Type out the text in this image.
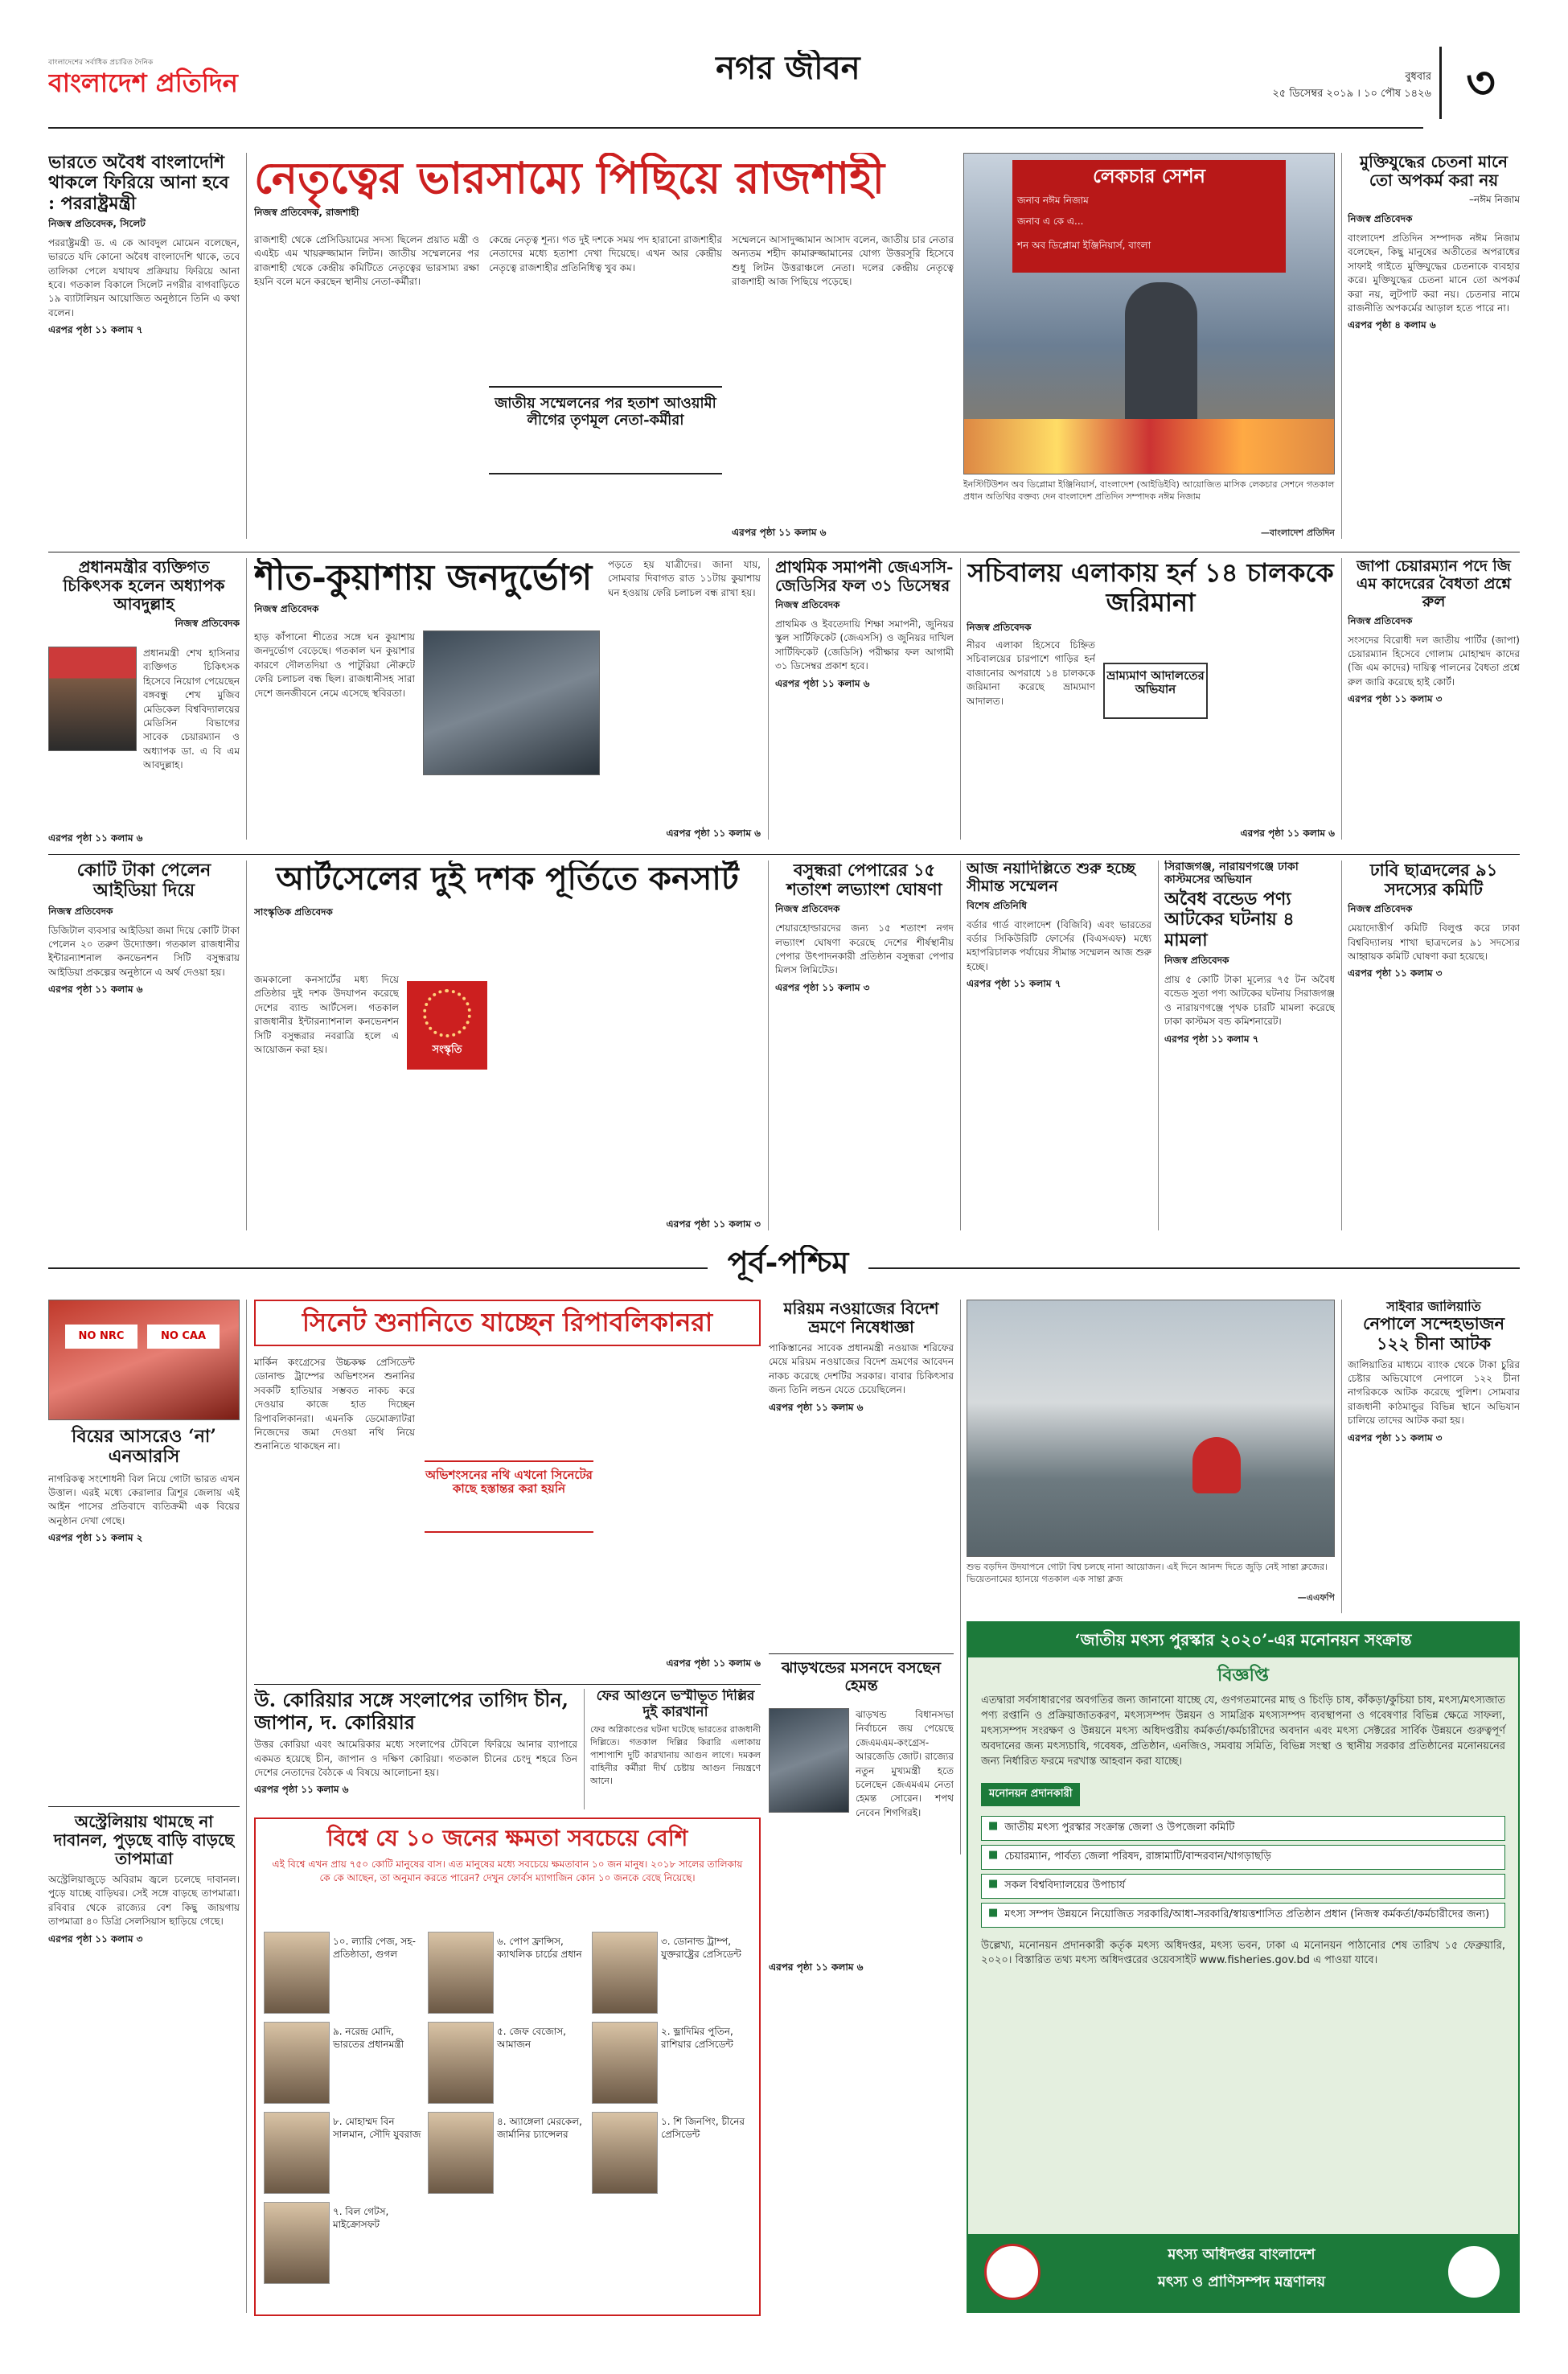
বাংলাদেশের সর্বাধিক প্রচারিত দৈনিক
বাংলাদেশ প্রতিদিন	নগর জীবন	বুধবার
২৫ ডিসেম্বর ২০১৯ । ১০ পৌষ ১৪২৬ ৩
ভারতে অবৈধ বাংলাদেশি থাকলে ফিরিয়ে আনা হবে : পররাষ্ট্রমন্ত্রী
নিজস্ব প্রতিবেদক, সিলেট
পররাষ্ট্রমন্ত্রী ড. এ কে আবদুল মোমেন বলেছেন, ভারতে যদি কোনো অবৈধ বাংলাদেশি থাকে, তবে তালিকা পেলে যথাযথ প্রক্রিয়ায় ফিরিয়ে আনা হবে। গতকাল বিকালে সিলেট নগরীর বাগবাড়িতে ১৯ ব্যাটালিয়ন আয়োজিত অনুষ্ঠানে তিনি এ কথা বলেন।
এরপর পৃষ্ঠা ১১ কলাম ৭
নেতৃত্বের ভারসাম্যে পিছিয়ে রাজশাহী
নিজস্ব প্রতিবেদক, রাজশাহী
রাজশাহী থেকে প্রেসিডিয়ামের সদস্য ছিলেন প্রয়াত মন্ত্রী ও এএইচ এম খায়রুজ্জামান লিটন। জাতীয় সম্মেলনের পর রাজশাহী থেকে কেন্দ্রীয় কমিটিতে নেতৃত্বের ভারসাম্য রক্ষা হয়নি বলে মনে করছেন স্থানীয় নেতা-কর্মীরা।
জাতীয় সম্মেলনের পর হতাশ আওয়ামী লীগের তৃণমূল নেতা-কর্মীরা
কেন্দ্রে নেতৃত্ব শূন্য। গত দুই দশকে সময় পদ হারানো রাজশাহীর নেতাদের মধ্যে হতাশা দেখা দিয়েছে। এখন আর কেন্দ্রীয় নেতৃত্বে রাজশাহীর প্রতিনিধিত্ব খুব কম।
সম্মেলনে আসাদুজ্জামান আসাদ বলেন, জাতীয় চার নেতার অন্যতম শহীদ কামারুজ্জামানের যোগ্য উত্তরসূরি হিসেবে শুধু লিটন উত্তরাঞ্চলে নেতা। দলের কেন্দ্রীয় নেতৃত্বে রাজশাহী আজ পিছিয়ে পড়েছে।
এরপর পৃষ্ঠা ১১ কলাম ৬
লেকচার সেশন
জনাব নঈম নিজাম
জনাব এ কে এ...
শন অব ডিপ্লোমা ইঞ্জিনিয়ার্স, বাংলা
ইনস্টিটিউশন অব ডিপ্লোমা ইঞ্জিনিয়ার্স, বাংলাদেশ (আইডিইবি) আয়োজিত মাসিক লেকচার সেশনে গতকাল প্রধান অতিথির বক্তব্য দেন বাংলাদেশ প্রতিদিন সম্পাদক নঈম নিজাম
—বাংলাদেশ প্রতিদিন
মুক্তিযুদ্ধের চেতনা মানে তো অপকর্ম করা নয়
–নঈম নিজাম
নিজস্ব প্রতিবেদক
বাংলাদেশ প্রতিদিন সম্পাদক নঈম নিজাম বলেছেন, কিছু মানুষের অতীতের অপরাধের সাফাই গাইতে মুক্তিযুদ্ধের চেতনাকে ব্যবহার করে। মুক্তিযুদ্ধের চেতনা মানে তো অপকর্ম করা নয়, লুটপাট করা নয়। চেতনার নামে রাজনীতি অপকর্মের আড়াল হতে পারে না।
এরপর পৃষ্ঠা ৪ কলাম ৬
প্রধানমন্ত্রীর ব্যক্তিগত চিকিৎসক হলেন অধ্যাপক আবদুল্লাহ
নিজস্ব প্রতিবেদক
প্রধানমন্ত্রী শেখ হাসিনার ব্যক্তিগত চিকিৎসক হিসেবে নিয়োগ পেয়েছেন বঙ্গবন্ধু শেখ মুজিব মেডিকেল বিশ্ববিদ্যালয়ের মেডিসিন বিভাগের সাবেক চেয়ারম্যান ও অধ্যাপক ডা. এ বি এম আবদুল্লাহ।
এরপর পৃষ্ঠা ১১ কলাম ৬
শীত-কুয়াশায় জনদুর্ভোগ
নিজস্ব প্রতিবেদক
হাড় কাঁপানো শীতের সঙ্গে ঘন কুয়াশায় জনদুর্ভোগ বেড়েছে। গতকাল ঘন কুয়াশার কারণে দৌলতদিয়া ও পাটুরিয়া নৌরুটে ফেরি চলাচল বন্ধ ছিল। রাজধানীসহ সারা দেশে জনজীবনে নেমে এসেছে স্থবিরতা।
পড়তে হয় যাত্রীদের। জানা যায়, সোমবার দিবাগত রাত ১১টায় কুয়াশায় ঘন হওয়ায় ফেরি চলাচল বন্ধ রাখা হয়।
এরপর পৃষ্ঠা ১১ কলাম ৬
প্রাথমিক সমাপনী জেএসসি-জেডিসির ফল ৩১ ডিসেম্বর
নিজস্ব প্রতিবেদক
প্রাথমিক ও ইবতেদায়ি শিক্ষা সমাপনী, জুনিয়র স্কুল সার্টিফিকেট (জেএসসি) ও জুনিয়র দাখিল সার্টিফিকেট (জেডিসি) পরীক্ষার ফল আগামী ৩১ ডিসেম্বর প্রকাশ হবে।
এরপর পৃষ্ঠা ১১ কলাম ৬
সচিবালয় এলাকায় হর্ন ১৪ চালককে জরিমানা
নিজস্ব প্রতিবেদক
ভ্রাম্যমাণ আদালতের অভিযান
নীরব এলাকা হিসেবে চিহ্নিত সচিবালয়ের চারপাশে গাড়ির হর্ন বাজানোর অপরাধে ১৪ চালককে জরিমানা করেছে ভ্রাম্যমাণ আদালত।
এরপর পৃষ্ঠা ১১ কলাম ৬
জাপা চেয়ারম্যান পদে জি এম কাদেরের বৈধতা প্রশ্নে রুল
নিজস্ব প্রতিবেদক
সংসদের বিরোধী দল জাতীয় পার্টির (জাপা) চেয়ারম্যান হিসেবে গোলাম মোহাম্মদ কাদের (জি এম কাদের) দায়িত্ব পালনের বৈধতা প্রশ্নে রুল জারি করেছে হাই কোর্ট।
এরপর পৃষ্ঠা ১১ কলাম ৩
কোটি টাকা পেলেন আইডিয়া দিয়ে
নিজস্ব প্রতিবেদক
ডিজিটাল ব্যবসার আইডিয়া জমা দিয়ে কোটি টাকা পেলেন ২০ তরুণ উদ্যোক্তা। গতকাল রাজধানীর ইন্টারন্যাশনাল কনভেনশন সিটি বসুন্ধরায় আইডিয়া প্রকল্পের অনুষ্ঠানে এ অর্থ দেওয়া হয়।
এরপর পৃষ্ঠা ১১ কলাম ৬
আর্টসেলের দুই দশক পূর্তিতে কনসার্ট
সাংস্কৃতিক প্রতিবেদক
জমকালো কনসার্টের মধ্য দিয়ে প্রতিষ্ঠার দুই দশক উদযাপন করেছে দেশের ব্যান্ড আর্টসেল। গতকাল রাজধানীর ইন্টারন্যাশনাল কনভেনশন সিটি বসুন্ধরার নবরাত্রি হলে এ আয়োজন করা হয়।	সংস্কৃতি
এরপর পৃষ্ঠা ১১ কলাম ৩
বসুন্ধরা পেপারের ১৫ শতাংশ লভ্যাংশ ঘোষণা
নিজস্ব প্রতিবেদক
শেয়ারহোল্ডারদের জন্য ১৫ শতাংশ নগদ লভ্যাংশ ঘোষণা করেছে দেশের শীর্ষস্থানীয় পেপার উৎপাদনকারী প্রতিষ্ঠান বসুন্ধরা পেপার মিলস লিমিটেড।
এরপর পৃষ্ঠা ১১ কলাম ৩
আজ নয়াদিল্লিতে শুরু হচ্ছে সীমান্ত সম্মেলন
বিশেষ প্রতিনিধি
বর্ডার গার্ড বাংলাদেশ (বিজিবি) এবং ভারতের বর্ডার সিকিউরিটি ফোর্সের (বিএসএফ) মধ্যে মহাপরিচালক পর্যায়ের সীমান্ত সম্মেলন আজ শুরু হচ্ছে।
এরপর পৃষ্ঠা ১১ কলাম ৭
সিরাজগঞ্জ, নারায়ণগঞ্জে ঢাকা কাস্টমসের অভিযান
অবৈধ বন্ডেড পণ্য আটকের ঘটনায় ৪ মামলা
নিজস্ব প্রতিবেদক
প্রায় ৫ কোটি টাকা মূল্যের ৭৫ টন অবৈধ বন্ডেড সুতা পণ্য আটকের ঘটনায় সিরাজগঞ্জ ও নারায়ণগঞ্জে পৃথক চারটি মামলা করেছে ঢাকা কাস্টমস বন্ড কমিশনারেট।
এরপর পৃষ্ঠা ১১ কলাম ৭
ঢাবি ছাত্রদলের ৯১ সদস্যের কমিটি
নিজস্ব প্রতিবেদক
মেয়াদোত্তীর্ণ কমিটি বিলুপ্ত করে ঢাকা বিশ্ববিদ্যালয় শাখা ছাত্রদলের ৯১ সদস্যের আহ্বায়ক কমিটি ঘোষণা করা হয়েছে।
এরপর পৃষ্ঠা ১১ কলাম ৩
পূর্ব-পশ্চিম
NO NRC	NO CAA
বিয়ের আসরেও ‘না’ এনআরসি
নাগরিকত্ব সংশোধনী বিল নিয়ে গোটা ভারত এখন উত্তাল। এরই মধ্যে কেরালার ত্রিশূর জেলায় এই আইন পাসের প্রতিবাদে ব্যতিক্রমী এক বিয়ের অনুষ্ঠান দেখা গেছে।
এরপর পৃষ্ঠা ১১ কলাম ২
অস্ট্রেলিয়ায় থামছে না দাবানল, পুড়ছে বাড়ি বাড়ছে তাপমাত্রা
অস্ট্রেলিয়াজুড়ে অবিরাম জ্বলে চলেছে দাবানল। পুড়ে যাচ্ছে বাড়িঘর। সেই সঙ্গে বাড়ছে তাপমাত্রা। রবিবার থেকে রাজ্যের বেশ কিছু জায়গায় তাপমাত্রা ৪০ ডিগ্রি সেলসিয়াস ছাড়িয়ে গেছে।
এরপর পৃষ্ঠা ১১ কলাম ৩
সিনেট শুনানিতে যাচ্ছেন রিপাবলিকানরা
মার্কিন কংগ্রেসের উচ্চকক্ষ প্রেসিডেন্ট ডোনাল্ড ট্রাম্পের অভিশংসন শুনানির সবকটি হাতিয়ার সম্ভবত নাকচ করে দেওয়ার কাজে হাত দিচ্ছেন রিপাবলিকানরা। এমনকি ডেমোক্র্যাটরা নিজেদের জমা দেওয়া নথি নিয়ে শুনানিতে থাকছেন না।
অভিশংসনের নথি এখনো সিনেটের কাছে হস্তান্তর করা হয়নি
এরপর পৃষ্ঠা ১১ কলাম ৬
উ. কোরিয়ার সঙ্গে সংলাপের তাগিদ চীন, জাপান, দ. কোরিয়ার
উত্তর কোরিয়া এবং আমেরিকার মধ্যে সংলাপের টেবিলে ফিরিয়ে আনার ব্যাপারে একমত হয়েছে চীন, জাপান ও দক্ষিণ কোরিয়া। গতকাল চীনের চেংদু শহরে তিন দেশের নেতাদের বৈঠকে এ বিষয়ে আলোচনা হয়।
এরপর পৃষ্ঠা ১১ কলাম ৬
ফের আগুনে ভস্মীভূত দিল্লির দুই কারখানা
ফের অগ্নিকাণ্ডের ঘটনা ঘটেছে ভারতের রাজধানী দিল্লিতে। গতকাল দিল্লির কিরারি এলাকায় পাশাপাশি দুটি কারখানায় আগুন লাগে। দমকল বাহিনীর কর্মীরা দীর্ঘ চেষ্টায় আগুন নিয়ন্ত্রণে আনে।
বিশ্বে যে ১০ জনের ক্ষমতা সবচেয়ে বেশি
এই বিশ্বে এখন প্রায় ৭৫০ কোটি মানুষের বাস। এত মানুষের মধ্যে সবচেয়ে ক্ষমতাবান ১০ জন মানুষ। ২০১৮ সালের তালিকায় কে কে আছেন, তা অনুমান করতে পারেন? দেখুন ফোর্বস ম্যাগাজিন কোন ১০ জনকে বেছে নিয়েছে।
১০. ল্যারি পেজ, সহ-প্রতিষ্ঠাতা, গুগল
৯. নরেন্দ্র মোদি, ভারতের প্রধানমন্ত্রী
৮. মোহাম্মদ বিন সালমান, সৌদি যুবরাজ
৭. বিল গেটস, মাইক্রোসফট
৬. পোপ ফ্রান্সিস, ক্যাথলিক চার্চের প্রধান
৫. জেফ বেজোস, আমাজন
৪. অ্যাঙ্গেলা মেরকেল, জার্মানির চ্যান্সেলর
৩. ডোনাল্ড ট্রাম্প, যুক্তরাষ্ট্রের প্রেসিডেন্ট
২. ভ্লাদিমির পুতিন, রাশিয়ার প্রেসিডেন্ট
১. শি জিনপিং, চীনের প্রেসিডেন্ট
মরিয়ম নওয়াজের বিদেশ ভ্রমণে নিষেধাজ্ঞা
পাকিস্তানের সাবেক প্রধানমন্ত্রী নওয়াজ শরিফের মেয়ে মরিয়ম নওয়াজের বিদেশ ভ্রমণের আবেদন নাকচ করেছে দেশটির সরকার। বাবার চিকিৎসার জন্য তিনি লন্ডন যেতে চেয়েছিলেন।
এরপর পৃষ্ঠা ১১ কলাম ৬
ঝাড়খন্ডের মসনদে বসছেন হেমন্ত
ঝাড়খন্ড বিধানসভা নির্বাচনে জয় পেয়েছে জেএমএম-কংগ্রেস-আরজেডি জোট। রাজ্যের নতুন মুখ্যমন্ত্রী হতে চলেছেন জেএমএম নেতা হেমন্ত সোরেন। শপথ নেবেন শিগগিরই।
এরপর পৃষ্ঠা ১১ কলাম ৬
শুভ বড়দিন উদযাপনে গোটা বিশ্ব চলছে নানা আয়োজন। এই দিনে আনন্দ দিতে জুড়ি নেই সান্তা ক্লজের। ভিয়েতনামের হ্যানয়ে গতকাল এক সান্তা ক্লজ
—এএফপি
সাইবার জালিয়াতি
নেপালে সন্দেহভাজন ১২২ চীনা আটক
জালিয়াতির মাধ্যমে ব্যাংক থেকে টাকা চুরির চেষ্টার অভিযোগে নেপালে ১২২ চীনা নাগরিককে আটক করেছে পুলিশ। সোমবার রাজধানী কাঠমান্ডুর বিভিন্ন স্থানে অভিযান চালিয়ে তাদের আটক করা হয়।
এরপর পৃষ্ঠা ১১ কলাম ৩
‘জাতীয় মৎস্য পুরস্কার ২০২০’-এর মনোনয়ন সংক্রান্ত
বিজ্ঞপ্তি
এতদ্বারা সর্বসাধারণের অবগতির জন্য জানানো যাচ্ছে যে, গুণগতমানের মাছ ও চিংড়ি চাষ, কাঁকড়া/কুচিয়া চাষ, মৎস্য/মৎস্যজাত পণ্য রপ্তানি ও প্রক্রিয়াজাতকরণ, মৎস্যসম্পদ উন্নয়ন ও সামগ্রিক মৎস্যসম্পদ ব্যবস্থাপনা ও গবেষণার বিভিন্ন ক্ষেত্রে সাফল্য, মৎস্যসম্পদ সংরক্ষণ ও উন্নয়নে মৎস্য অধিদপ্তরীয় কর্মকর্তা/কর্মচারীদের অবদান এবং মৎস্য সেক্টরের সার্বিক উন্নয়নে গুরুত্বপূর্ণ অবদানের জন্য মৎস্যচাষি, গবেষক, প্রতিষ্ঠান, এনজিও, সমবায় সমিতি, বিভিন্ন সংস্থা ও স্থানীয় সরকার প্রতিষ্ঠানের মনোনয়নের জন্য নির্ধারিত ফরমে দরখাস্ত আহবান করা যাচ্ছে।
মনোনয়ন প্রদানকারী
■ জাতীয় মৎস্য পুরস্কার সংক্রান্ত জেলা ও উপজেলা কমিটি
■ চেয়ারম্যান, পার্বত্য জেলা পরিষদ, রাঙ্গামাটি/বান্দরবান/খাগড়াছড়ি
■ সকল বিশ্ববিদ্যালয়ের উপাচার্য
■ মৎস্য সম্পদ উন্নয়নে নিয়োজিত সরকারি/আধা-সরকারি/স্বায়ত্তশাসিত প্রতিষ্ঠান প্রধান (নিজস্ব কর্মকর্তা/কর্মচারীদের জন্য)
উল্লেখ্য, মনোনয়ন প্রদানকারী কর্তৃক মৎস্য অধিদপ্তর, মৎস্য ভবন, ঢাকা এ মনোনয়ন পাঠানোর শেষ তারিখ ১৫ ফেব্রুয়ারি, ২০২০। বিস্তারিত তথ্য মৎস্য অধিদপ্তরের ওয়েবসাইট www.fisheries.gov.bd এ পাওয়া যাবে।
মৎস্য অধিদপ্তর বাংলাদেশ
মৎস্য ও প্রাণিসম্পদ মন্ত্রণালয়
